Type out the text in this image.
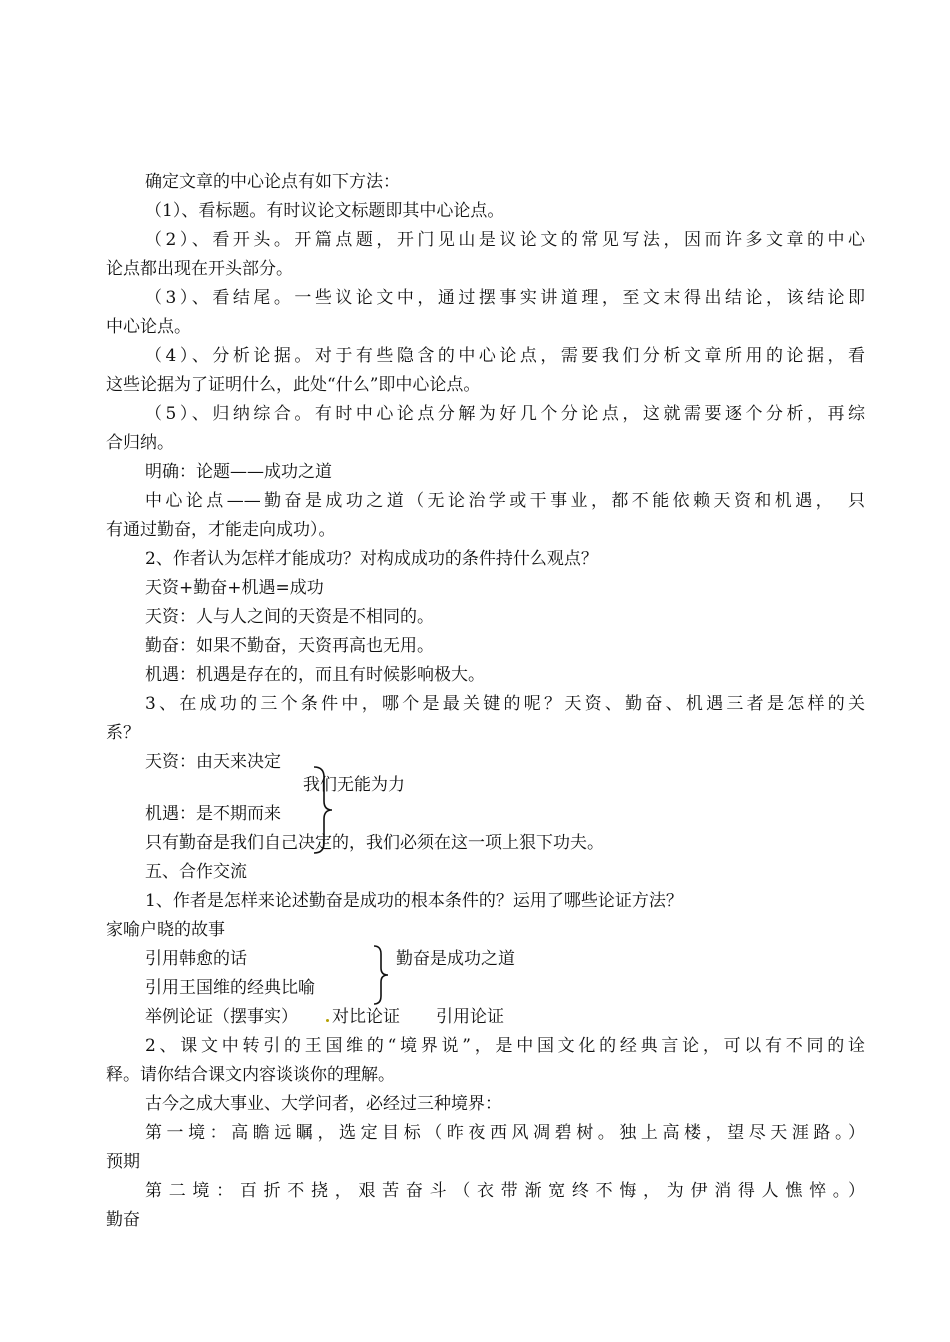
确定文章的中心论点有如下方法：
（1）、看标题。有时议论文标题即其中心论点。
（2）、看开头。开篇点题，开门见山是议论文的常见写法，因而许多文章的中心
论点都出现在开头部分。
（3）、看结尾。一些议论文中，通过摆事实讲道理，至文末得出结论，该结论即
中心论点。
（4）、分析论据。对于有些隐含的中心论点，需要我们分析文章所用的论据，看
这些论据为了证明什么，此处“什么”即中心论点。
（5）、归纳综合。有时中心论点分解为好几个分论点，这就需要逐个分析，再综
合归纳。
明确：论题——成功之道
中心论点——勤奋是成功之道（无论治学或干事业，都不能依赖天资和机遇，　只
有通过勤奋，才能走向成功）。
2、作者认为怎样才能成功？对构成成功的条件持什么观点？
天资+勤奋+机遇=成功
天资：人与人之间的天资是不相同的。
勤奋：如果不勤奋，天资再高也无用。
机遇：机遇是存在的，而且有时候影响极大。
3、在成功的三个条件中，哪个是最关键的呢？天资、勤奋、机遇三者是怎样的关
系？
天资：由天来决定
我们无能为力
机遇：是不期而来
只有勤奋是我们自己决定的，我们必须在这一项上狠下功夫。
五、合作交流
1、作者是怎样来论述勤奋是成功的根本条件的？运用了哪些论证方法？
家喻户晓的故事
引用韩愈的话	勤奋是成功之道
引用王国维的经典比喻
举例论证（摆事实） 对比论证 引用论证
2、课文中转引的王国维的“境界说”，是中国文化的经典言论，可以有不同的诠
释。请你结合课文内容谈谈你的理解。
古今之成大事业、大学问者，必经过三种境界：
第一境：高瞻远瞩，选定目标（昨夜西风凋碧树。独上高楼，望尽天涯路。）
预期
第二境：百折不挠，艰苦奋斗（衣带渐宽终不悔，为伊消得人憔悴。）
勤奋
